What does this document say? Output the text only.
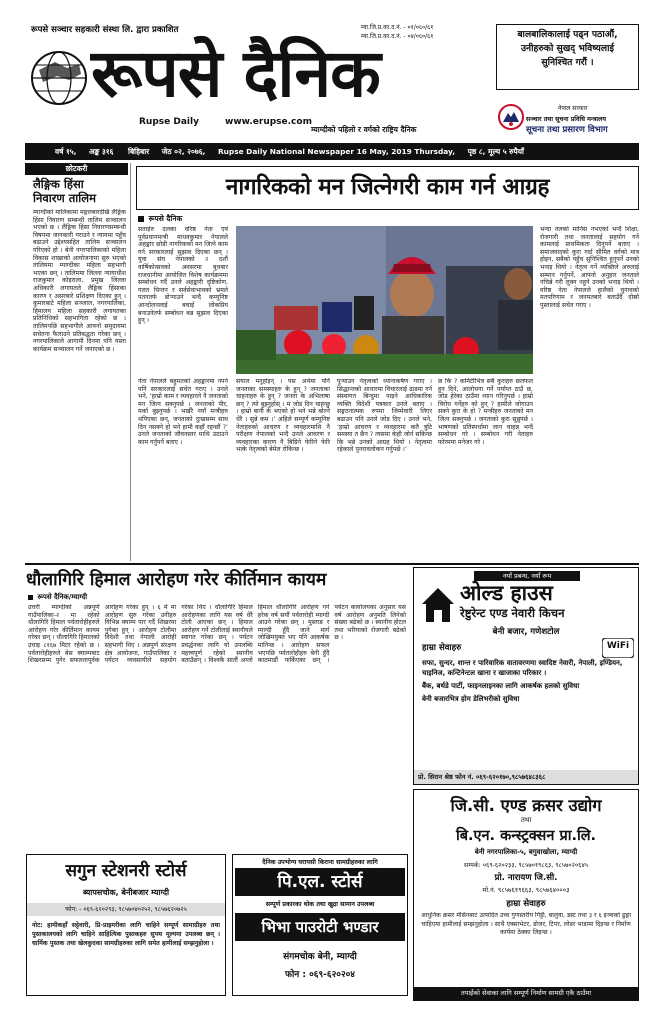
रूपसे सञ्चार सहकारी संस्था लि. द्वारा प्रकाशित	म्या.जि.प्र.का.द.नं. - ०१/०६०/६१
म्या.जि.प्र.का.द.नं. - ०४/०६०/६१
रूपसे दैनिक
Rupse Daily	www.erupse.com
म्याग्दीको पहिलो र वर्गको राष्ट्रिय दैनिक
बालबालिकालाई पढ्न पठाऔं,
उनीहरुको सुखद् भविष्यलाई
सुनिश्चित गरौं ।
नेपाल सरकार
सञ्चार तथा सूचना प्रविधि मन्त्रालय
सूचना तथा प्रसारण विभाग
वर्ष १५, अङ्क ३१६ बिहिबार जेठ ०२, २०७६, Rupse Daily National Newspaper 16 May, 2019 Thursday, पृष्ठ ८, मूल्य ५ रुपैयाँ
छोटकरी
लैङ्गिक हिंसा
निवारण तालिम
म्याग्दीको मालिकामा मङ्गलबारदेखि लैङ्गिक हिंसा निवारण सम्बन्धी तालिम सञ्चालन भएको छ । लैङ्गिक हिंसा निवारणसम्बन्धी विषयमा जानकारी गराउने र न्यायमा पहुँच बढाउने उद्देश्यसहित तालिम सञ्चालन गरिएको हो । बेनी नगरपालिकाको महिला विकास शाखाको आयोजनामा सुरु भएको तालिममा म्याग्दीका महिला सहभागी भएका छन् । तालिममा जिल्ला न्यायाधीश राजकुमार कोइराला, प्रमुख जिल्ला अधिकारी लगायतले लैङ्गिक हिंसाका कारण र असरबारे प्रशिक्षण दिएका हुन् । कुमारबाटे महिला सञ्जाल, नगरपालिका, हिमालय महिला सहकारी लगायतका प्रतिनिधिको सहभागिता रहेको छ । तालिमपछि सहभागीले आफ्नो समुदायमा सचेतना फैलाउने प्रतिबद्धता गरेका छन् । नगरपालिकाले आगामी दिनमा पनि यस्ता कार्यक्रम सञ्चालन गर्ने जनाएको छ ।
नागरिकको मन जित्नेगरी काम गर्न आग्रह
रूपसे दैनिक
सताईरु दलका वरिष्ठ नेता एवं पूर्वप्रधानमन्त्री माधवकुमार नेपालले अहङ्कार छोडी नागरिकको मन जित्ने काम गर्न सरकारलाई सुझाव दिएका छन् । युवा संघ नेपालको २ दशौं वार्षिकोत्सवको अवसरमा बुधबार राजधानीमा आयोजित विशेष कार्यक्रममा सम्बोधन गर्दै उनले अहङ्कारी दृष्टिकोण, गलत चिन्तन र सर्वसेवाभावको भ्रमले पतनतर्फ डोऱ्याउने भन्दै कम्युनिष्ट आन्दोलनलाई बचाई लोकप्रिय बनाउनेतर्फ सम्बोधन बन्न सुझाव दिएका हुन् ।
भन्दा तलको मानिस नभएको भन्दै शिक्षा, रोजगारी तथा जनतालाई सहयोग गर्ने कामलाई प्राथमिकता दिनुपर्ने बताए । समाजवादको कुरा गर्दा सीमित वर्गको मात्र होइन, सबैको पहुँच सुनिश्चित हुनुपर्ने उनको भनाइ थियो । नेतृत्व गर्ने व्यक्तिले अरुलाई सम्मान गर्नुपर्ने, आफ्नो अनुहार जनताले नचिन्ने गरी लुक्न नहुने उनको भनाइ थियो । वरिष्ठ नेता नेपालले हालैको चुनावको मतपरिणाम र जनमतबारे बताउँदै दोस्रो पुस्तालाई सचेत गराए ।
नेता नेपालले बहुमतको अहङ्कारमा नपर्न पनि सरकारलाई सचेत गराए । उनले भने, ‘हाम्रो काम र व्यवहारले नै जनताको मन जित्न सक्नुपर्छ । जनताको पीर, मर्का बुझ्नुपर्छ । भर्खरै नयाँ मन्त्रीहरु थपिएका छन्, जनताको दुःखसम्म साथ दिन नसक्ने हो भने हामी कहाँ रहन्छौं ?’ उनले जनताको जीवनस्तर माथि उठाउने काम गर्नुपर्ने बताए ।
सयाल मनुहोइन् । पस अर्थमा पनि जनताका समस्याहरु के हुन् ? जनताका चाहनाहरु के हुन् ? जनता के अभिलाषा छन् ? त्यो बुझ्नुहोस् । म जोड दिन चाहन्छु । हाम्रो बानी के भएको हो भने भन्ने बोल्ने धेरै । सुन्ने कम ।’ अहिले सम्पूर्ण कम्युनिष्ट नेताहरुको आचरण र व्यवहारमाथि नै परीक्षण नेपालको भन्दै उनले आचरण र व्यवहारका कारण नै बिग्रिने फेरिने फेरि भत्के नेतृत्वको बेमेल रोकिन्छ ।
पुऱ्याउन नेतृत्वको ध्यानाकर्षण गराए । सिद्धान्तको आधारमा विचारलाई ढाडमा गर्न संस्थागत बिन्दुमा पाइने आधिकारिक व्यक्ति विदेशी पत्रकार उनले बताए । सङ्गठनात्मक रुपमा जिम्मेवारी लिएर बढाउन पनि उनले जोड दिए । उनले भने, ‘हाम्रो आचरण र व्यवहारमा कतै त्रुटि समस्या त छैन ? त्यसमा केही जोर्न सकिन्छ कि भन्ने उनको आग्रह थियो । नेतृत्वमा रहेकाले पुनरावलोकन गर्नुपर्छ ।’
छ कि ? कमिटीभित्र सबै कुराहरु छलफल हुन दिने, आलोचना गर्ने पर्याप्त ठाउँ छ, जोड हेरेका ठाउँमा ध्यान गरिनुपर्छ । हाम्रो विरोध गर्नेहरु को हुन् ? हामीले जोगाउन सक्ने कुरा के हो ? मन्त्रीहरु जनताको मन जित्न सक्नुपर्छ । जनताको कुरा सुन्नुपर्छ । भाषणको प्रतिस्पर्धामा जान चाहन्न भन्दै सम्बोधन गरे । सम्बोधन गरी नेताहरु फोरममा मनेजर गरे ।
धौलागिरि हिमाल आरोहण गरेर कीर्तिमान कायम
रूपसे दैनिक/म्याग्दी
उत्तरी म्याग्दीको अन्नपूर्ण गाउँपालिका-२ मा रहेको धौलागिरि हिमाल पर्वतारोहीहरुले आरोहण गरेर कीर्तिमान कायम गरेका छन् । धौलागिरि हिमालको उचाइ ८१६७ मिटर रहेको छ । पर्वतारोहीहरुले बेस क्याम्पबाट शिखरसम्म पुगेर सफलतापूर्वक आरोहण गरेका हुन् । ६ मे मा आरोहण सुरु गरेका उनीहरु विभिन्न क्याम्प पार गर्दै शिखरमा पुगेका हुन् । आरोहण टोलीमा विदेशी तथा नेपाली आरोही सहभागी थिए । अन्नपूर्ण संरक्षण क्षेत्र आयोजना, गाउँपालिका र पर्यटन व्यवसायीले सहयोग गरेका थिए । धौलागिरि हिमाल आरोहणका लागि यस वर्ष धेरै टोली आएका छन् । हिमाल आरोहण गर्ने टोलीलाई स्थानीयले स्वागत गरेका छन् । पर्यटन प्रवर्द्धनका लागि यो उपलब्धि महत्त्वपूर्ण रहेको स्थानीय बताउँछन् । विश्वकै सातौं अग्लो हिमाल धौलागिरि आरोहण गर्न हरेक वर्ष सयौं पर्वतारोही म्याग्दी आउने गरेका छन् । मुस्ताङ र म्याग्दी हुँदै जाने मार्ग जोखिमयुक्त भए पनि आकर्षक मानिन्छ । आरोहण सफल भएपछि पर्वतारोहीहरु बेनी हुँदै काठमाडौं फर्किएका छन् । पर्यटन कार्यालयका अनुसार यस वर्ष आरोहण अनुमति लिनेको संख्या बढेको छ । स्थानीय होटल तथा भरियाको रोजगारी बढेको छ ।
नयाँ प्रबन्ध, नयाँ रूप
ओल्ड हाउस
रेष्टुरेन्ट एण्ड नेवारी किचन
बेनी बजार, गणेशटोल
हाम्रा सेवाहरु	WiFi
सफा, सुन्दर, शान्त र पारिवारिक वातावरणमा स्वादिष्ट नेवारी, नेपाली, इण्डियन, चाइनिज, कन्टिनेन्टल खाना र खाजाका परिकार ।
बैंक, बर्थडे पार्टी, फाइनलाइनका लागि आकर्षक हलको सुविधा
बेनी बजारभित्र होम डेलिभरीको सुविधा
प्रो. सिरान श्रेष्ठ फोन नं. ०६९-६२०१७०,९८५७६४८३६८
जि.सी. एण्ड क्रसर उद्योग
तथा
बि.एन. कन्स्ट्रक्सन प्रा.लि.
बेनी नगरपालिका-५, बगुवाखोला, म्याग्दी
सम्पर्क: ०६९-६२०२३३, ९८५७०१९८६३, ९८५७०२०६४५
प्रो. नारायण जि.सी.
मो.नं. ९८५७६१९६६३, ९८५७६४०००३
हाम्रा सेवाहरु
आधुनिक क्रसर मेसिनबाट उत्पादित उच्च गुणस्तरीय गिट्टी, बालुवा, डस्ट तथा ३ र ६ इञ्चको ढुङ्गा चाहिएमा हामीलाई सम्झनुहोला । साथै एक्साभेटर, डोजर, टिपर, लोडर भाडामा दिइन्छ र निर्माण कार्यमा ठेक्का लिइन्छ ।
तपाईंको सेवाका लागि सम्पूर्ण निर्माण सामग्री एकै ठाउँमा
सगुन स्टेशनरी स्टोर्स
ब्यापसचोक, बेनीबजार म्याग्दी
फोन: - ०६९-६२०२९३, ९८५७०४०२५२, ९८५७६२०७२५
नोट: हामीकहाँ सट्टेवारी, प्रि-प्राइमरीका लागि चाहिने सम्पूर्ण सामाग्रीहरु तथा पुस्तकालयको लागि चाहिने साहित्यिक पुस्तकहरु सुपथ मूल्यमा उपलब्ध छन् । धार्मिक पुस्तक तथा खेलकुदका सामग्रीहरुका लागि समेत हामीलाई सम्झनुहोला ।
दैनिक उपभोग्य घरायसी किराना सामग्रीहरुका लागि
पि.एल. स्टोर्स
सम्पूर्ण प्रकारका थोक तथा खुद्रा सामान उपलब्ध
भिभा पाउरोटी भण्डार
संगमचोक बेनी, म्याग्दी
फोन : ०६९-६२०२०४
